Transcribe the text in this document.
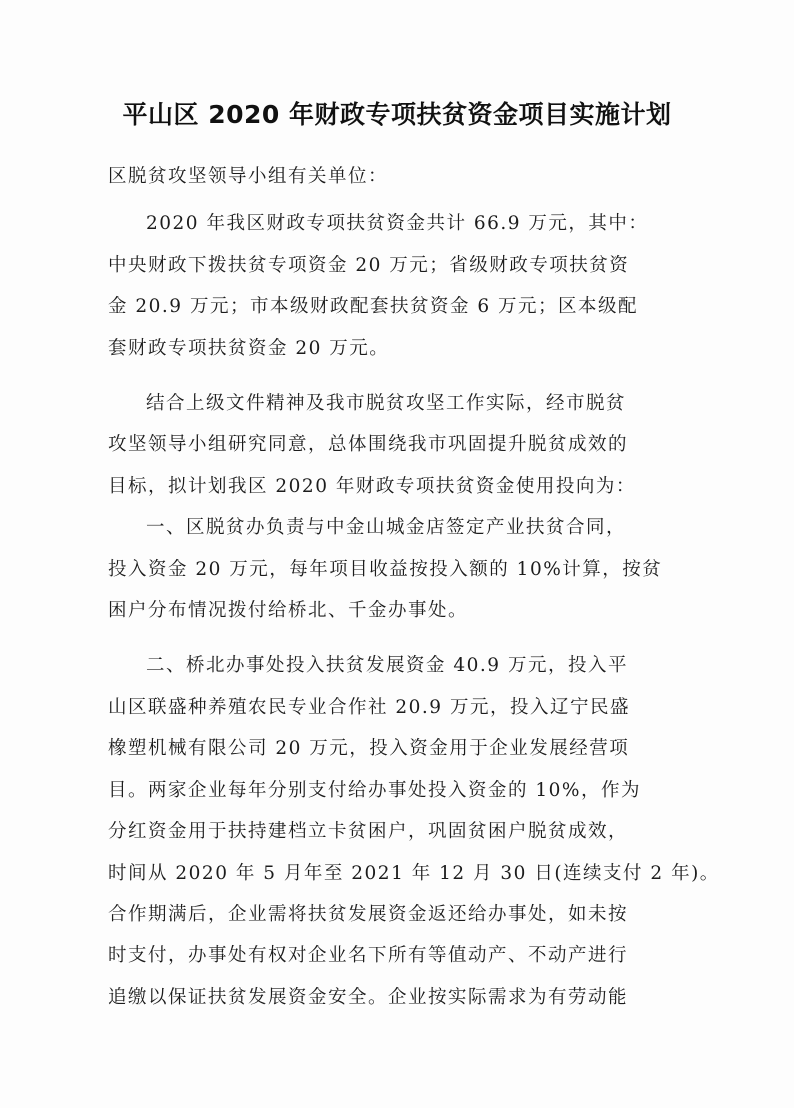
平山区 2020 年财政专项扶贫资金项目实施计划

区脱贫攻坚领导小组有关单位：

2020 年我区财政专项扶贫资金共计 66.9 万元，其中：

中央财政下拨扶贫专项资金 20 万元；省级财政专项扶贫资

金 20.9 万元；市本级财政配套扶贫资金 6 万元；区本级配

套财政专项扶贫资金 20 万元。

结合上级文件精神及我市脱贫攻坚工作实际，经市脱贫

攻坚领导小组研究同意，总体围绕我市巩固提升脱贫成效的

目标，拟计划我区 2020 年财政专项扶贫资金使用投向为：

一、区脱贫办负责与中金山城金店签定产业扶贫合同，

投入资金 20 万元，每年项目收益按投入额的 10%计算，按贫

困户分布情况拨付给桥北、千金办事处。

二、桥北办事处投入扶贫发展资金 40.9 万元，投入平

山区联盛种养殖农民专业合作社 20.9 万元，投入辽宁民盛

橡塑机械有限公司 20 万元，投入资金用于企业发展经营项

目。两家企业每年分别支付给办事处投入资金的 10%，作为

分红资金用于扶持建档立卡贫困户，巩固贫困户脱贫成效，

时间从 2020 年 5 月年至 2021 年 12 月 30 日(连续支付 2 年)。

合作期满后，企业需将扶贫发展资金返还给办事处，如未按

时支付，办事处有权对企业名下所有等值动产、不动产进行

追缴以保证扶贫发展资金安全。企业按实际需求为有劳动能
